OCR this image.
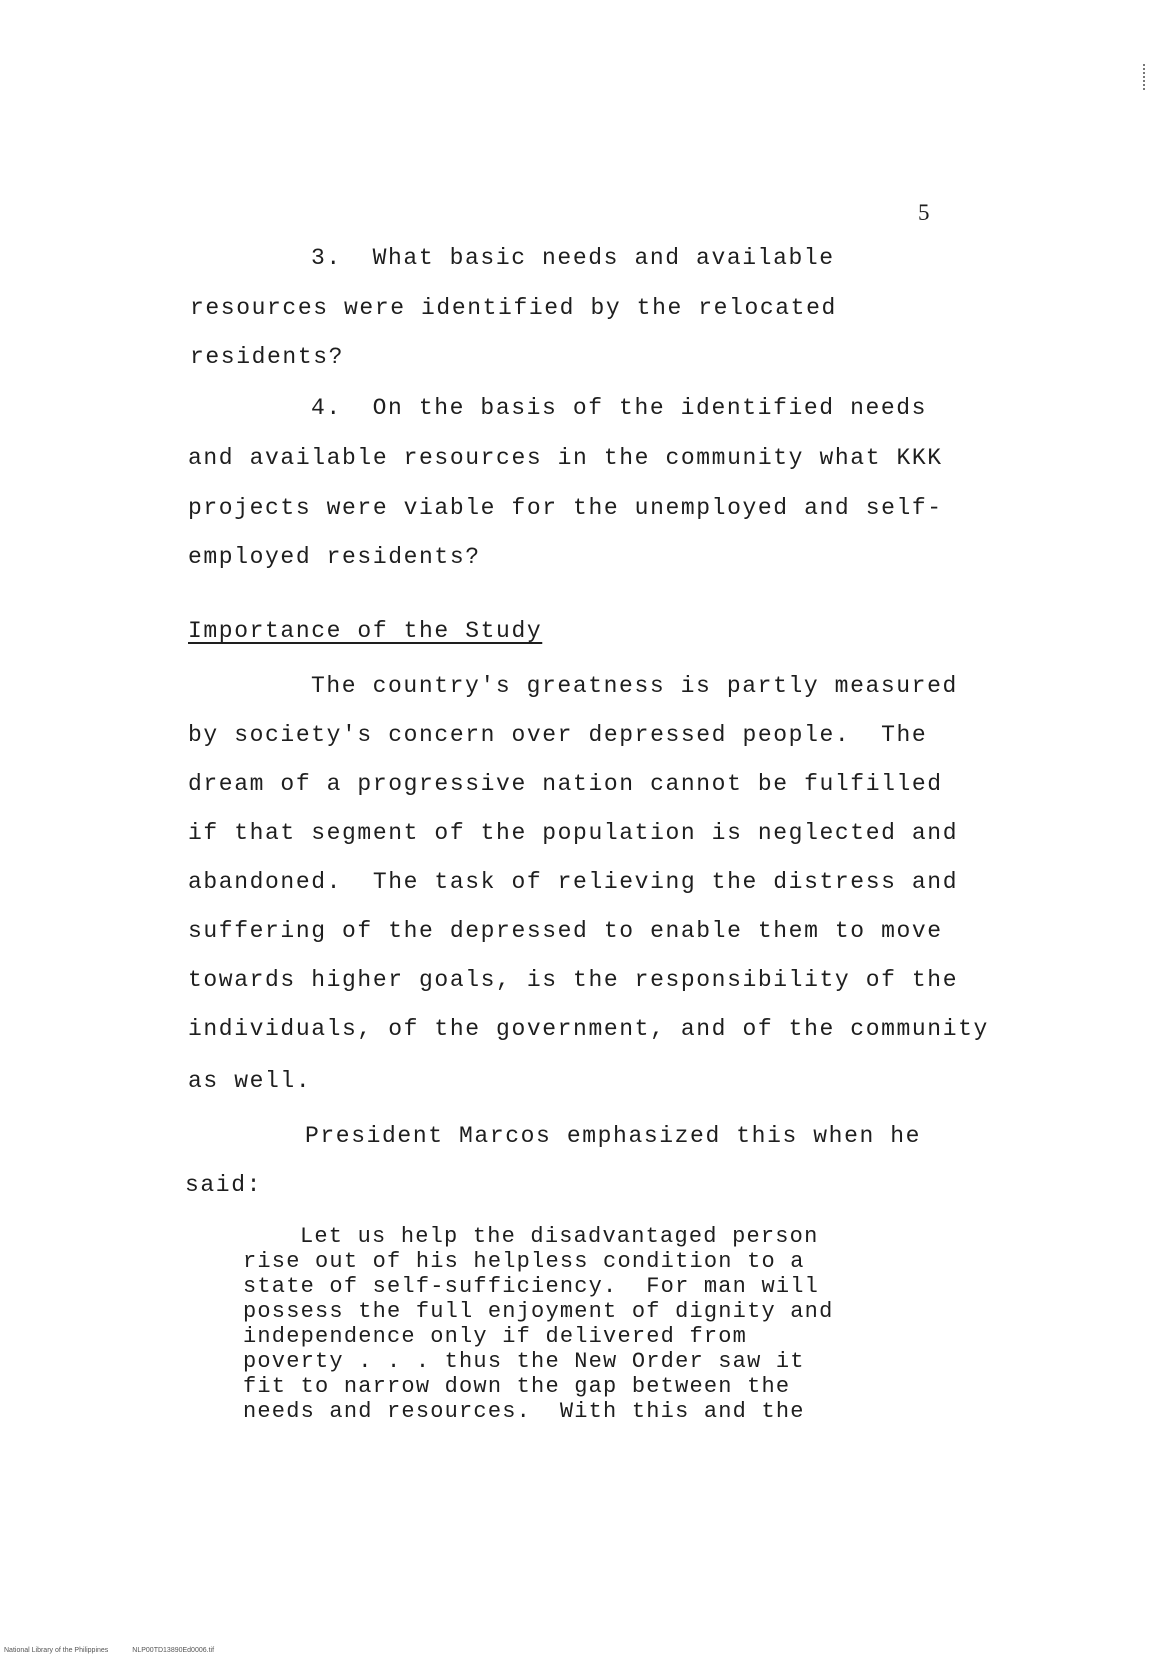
5
3.  What basic needs and available
resources were identified by the relocated
residents?
4.  On the basis of the identified needs
and available resources in the community what KKK
projects were viable for the unemployed and self-
employed residents?
Importance of the Study
The country's greatness is partly measured
by society's concern over depressed people.  The
dream of a progressive nation cannot be fulfilled
if that segment of the population is neglected and
abandoned.  The task of relieving the distress and
suffering of the depressed to enable them to move
towards higher goals, is the responsibility of the
individuals, of the government, and of the community
as well.
President Marcos emphasized this when he
said:
Let us help the disadvantaged person
rise out of his helpless condition to a
state of self-sufficiency.  For man will
possess the full enjoyment of dignity and
independence only if delivered from
poverty . . . thus the New Order saw it
fit to narrow down the gap between the
needs and resources.  With this and the
National Library of the Philippines	NLP00TD13890Ed0006.tif
